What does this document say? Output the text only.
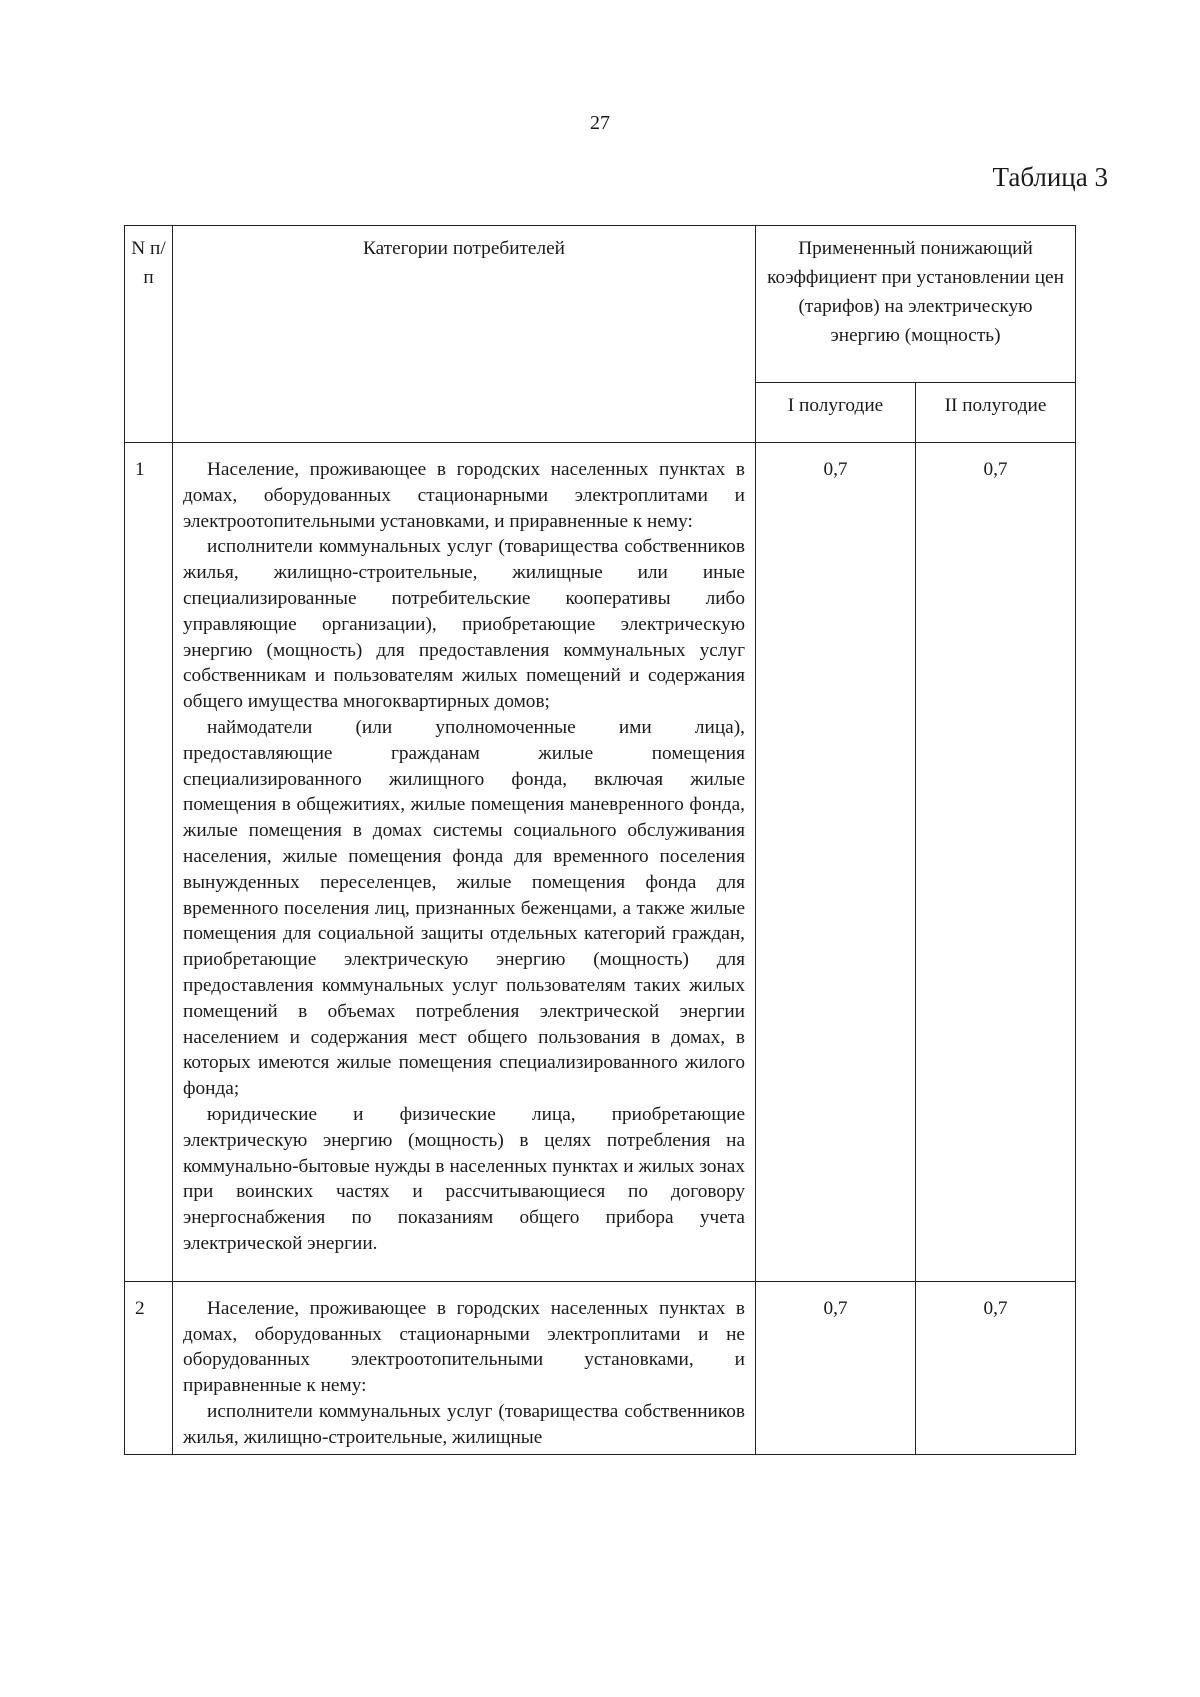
27
Таблица 3
N п/п	Категории потребителей	Примененный понижающий коэффициент при установлении цен (тарифов) на электрическую энергию (мощность)	
		I полугодие	II полугодие
1	Население, проживающее в городских населенных пунктах в домах, оборудованных стационарными электроплитами и электроотопительными установками, и приравненные к нему:

исполнители коммунальных услуг (товарищества собственников жилья, жилищно-строительные, жилищные или иные специализированные потребительские кооперативы либо управляющие организации), приобретающие электрическую энергию (мощность) для предоставления коммунальных услуг собственникам и пользователям жилых помещений и содержания общего имущества многоквартирных домов;

наймодатели (или уполномоченные ими лица), предоставляющие гражданам жилые помещения специализированного жилищного фонда, включая жилые помещения в общежитиях, жилые помещения маневренного фонда, жилые помещения в домах системы социального обслуживания населения, жилые помещения фонда для временного поселения вынужденных переселенцев, жилые помещения фонда для временного поселения лиц, признанных беженцами, а также жилые помещения для социальной защиты отдельных категорий граждан, приобретающие электрическую энергию (мощность) для предоставления коммунальных услуг пользователям таких жилых помещений в объемах потребления электрической энергии населением и содержания мест общего пользования в домах, в которых имеются жилые помещения специализированного жилого фонда;

юридические и физические лица, приобретающие электрическую энергию (мощность) в целях потребления на коммунально-бытовые нужды в населенных пунктах и жилых зонах при воинских частях и рассчитывающиеся по договору энергоснабжения по показаниям общего прибора учета электрической энергии.	0,7	0,7
2	Население, проживающее в городских населенных пунктах в домах, оборудованных стационарными электроплитами и не оборудованных электроотопительными установками, и приравненные к нему:

исполнители коммунальных услуг (товарищества собственников жилья, жилищно-строительные, жилищные	0,7	0,7
